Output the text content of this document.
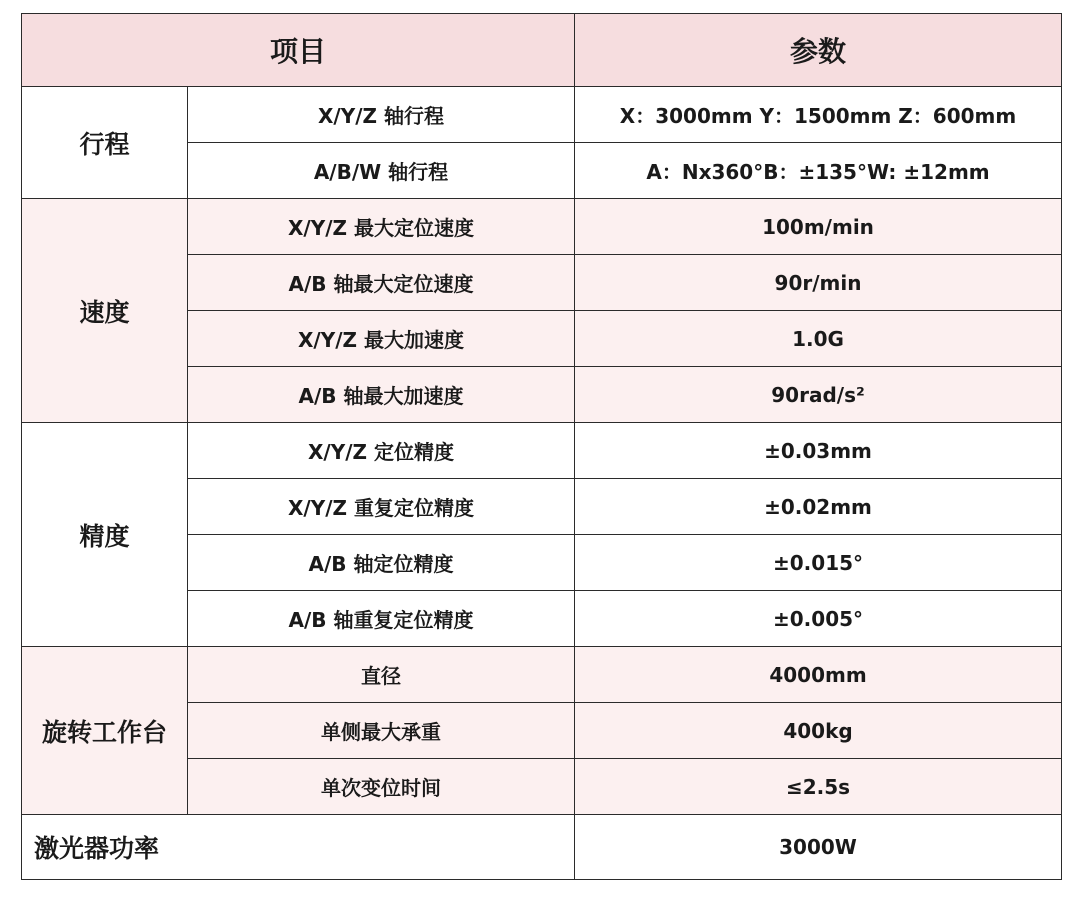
项目		参数
行程	X/Y/Z 轴行程	X：3000mm Y：1500mm Z：600mm
	A/B/W 轴行程	A：Nx360°B：±135°W: ±12mm
速度	X/Y/Z 最大定位速度	100m/min
	A/B 轴最大定位速度	90r/min
	X/Y/Z 最大加速度	1.0G
	A/B 轴最大加速度	90rad/s²
精度	X/Y/Z 定位精度	±0.03mm
	X/Y/Z 重复定位精度	±0.02mm
	A/B 轴定位精度	±0.015°
	A/B 轴重复定位精度	±0.005°
旋转工作台	直径	4000mm
	单侧最大承重	400kg
	单次变位时间	≤2.5s
激光器功率		3000W
